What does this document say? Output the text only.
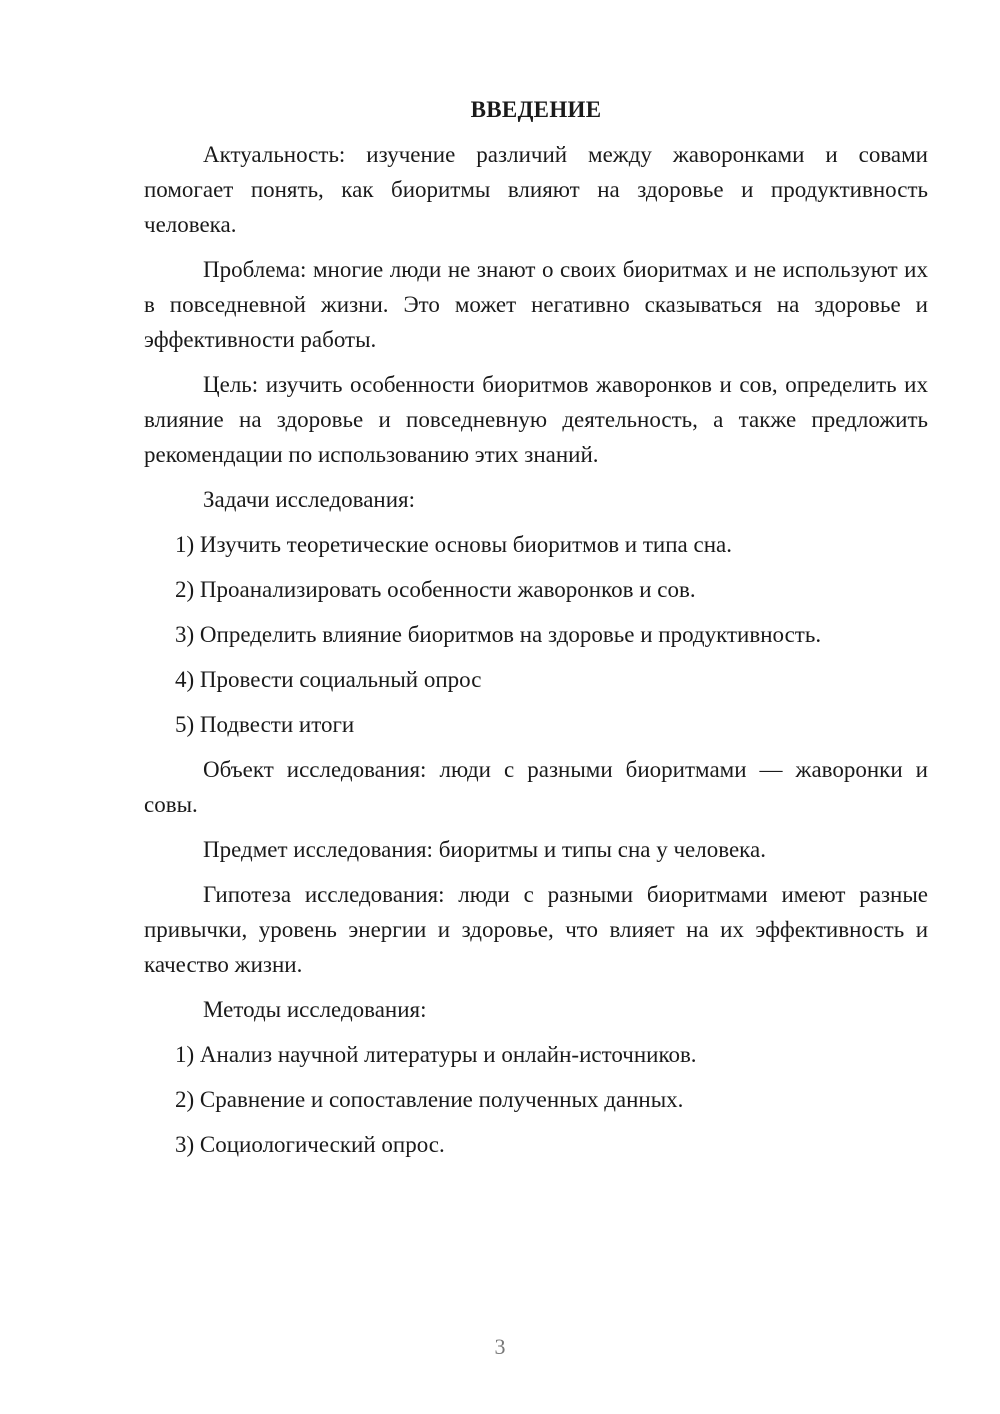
ВВЕДЕНИЕ
Актуальность: изучение различий между жаворонками и совами помогает понять, как биоритмы влияют на здоровье и продуктивность человека.
Проблема: многие люди не знают о своих биоритмах и не используют их в повседневной жизни. Это может негативно сказываться на здоровье и эффективности работы.
Цель: изучить особенности биоритмов жаворонков и сов, определить их влияние на здоровье и повседневную деятельность, а также предложить рекомендации по использованию этих знаний.
Задачи исследования:
1) Изучить теоретические основы биоритмов и типа сна.
2) Проанализировать особенности жаворонков и сов.
3) Определить влияние биоритмов на здоровье и продуктивность.
4) Провести социальный опрос
5) Подвести итоги
Объект исследования: люди с разными биоритмами — жаворонки и совы.
Предмет исследования: биоритмы и типы сна у человека.
Гипотеза исследования: люди с разными биоритмами имеют разные привычки, уровень энергии и здоровье, что влияет на их эффективность и качество жизни.
Методы исследования:
1) Анализ научной литературы и онлайн-источников.
2) Сравнение и сопоставление полученных данных.
3) Социологический опрос.
3
